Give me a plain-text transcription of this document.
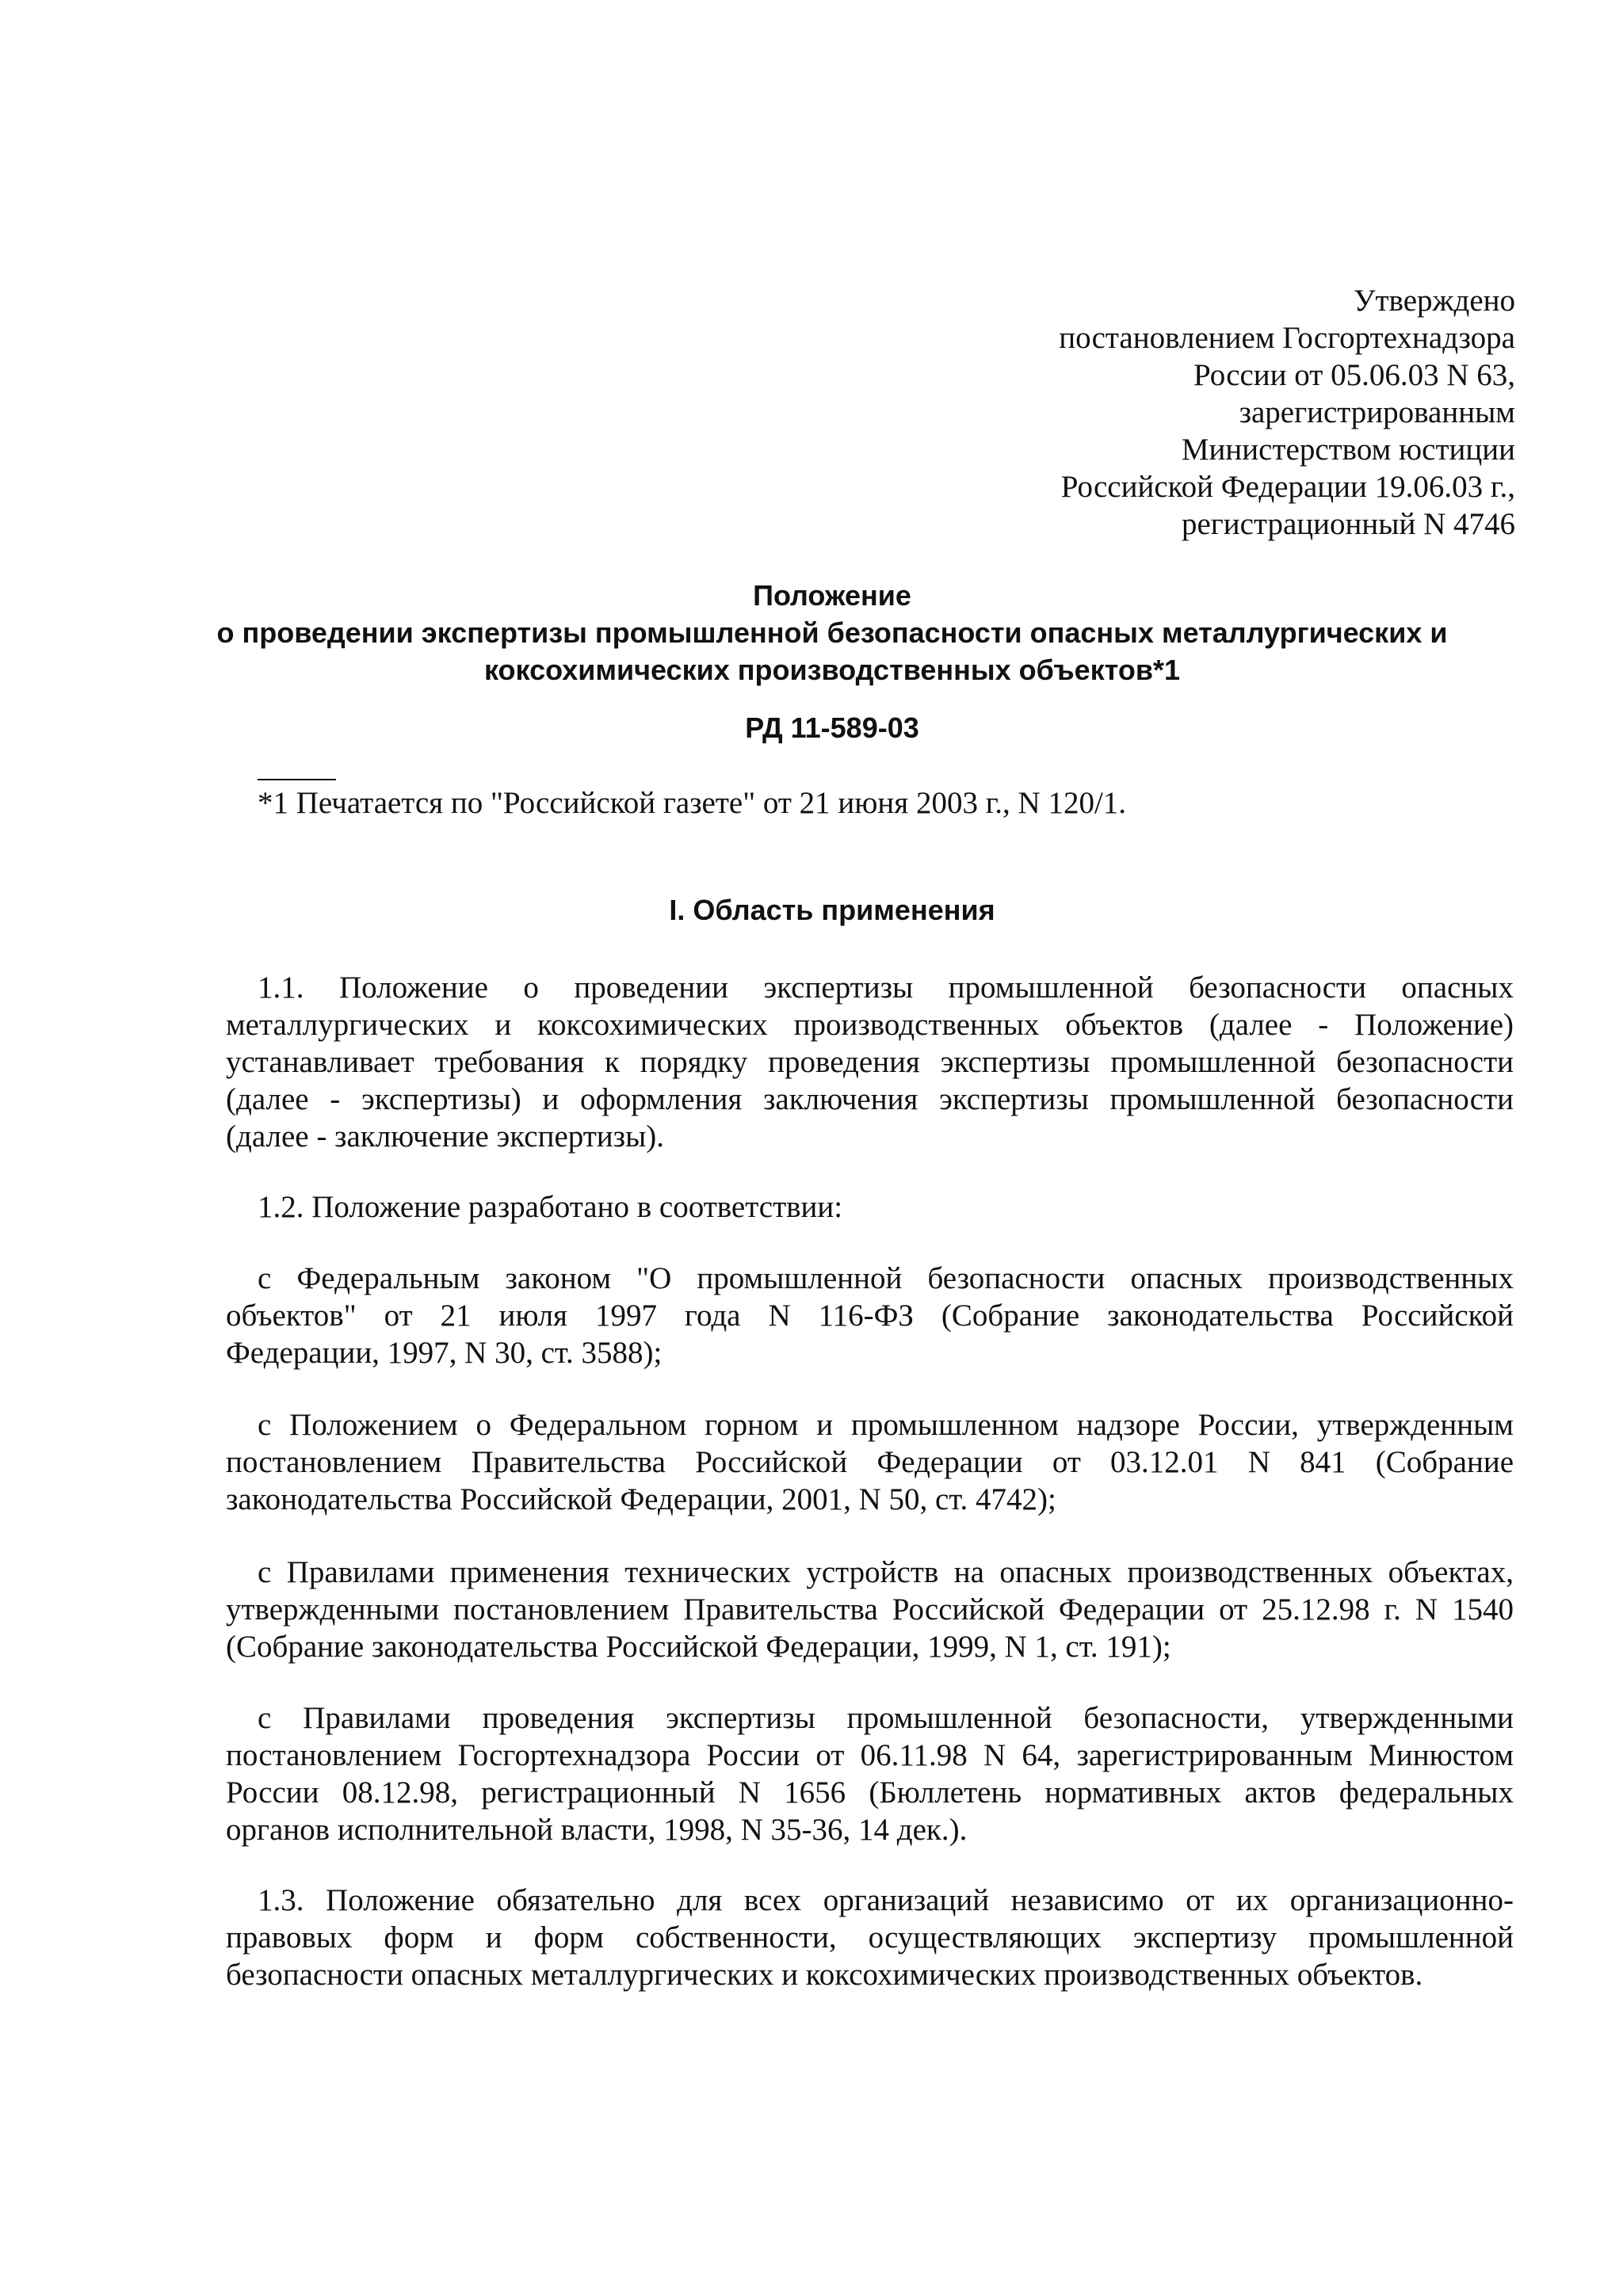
Утверждено
постановлением Госгортехнадзора
России от 05.06.03 N 63,
зарегистрированным
Министерством юстиции
Российской Федерации 19.06.03 г.,
регистрационный N 4746
Положение
о проведении экспертизы промышленной безопасности опасных металлургических и
коксохимических производственных объектов*1
РД 11-589-03
*1 Печатается по "Российской газете" от 21 июня 2003 г., N 120/1.
I. Область применения
1.1. Положение о проведении экспертизы промышленной безопасности опасных
металлургических и коксохимических производственных объектов (далее - Положение)
устанавливает требования к порядку проведения экспертизы промышленной безопасности
(далее - экспертизы) и оформления заключения экспертизы промышленной безопасности
(далее - заключение экспертизы).
1.2. Положение разработано в соответствии:
с Федеральным законом "О промышленной безопасности опасных производственных
объектов" от 21 июля 1997 года N 116-ФЗ (Собрание законодательства Российской
Федерации, 1997, N 30, ст. 3588);
с Положением о Федеральном горном и промышленном надзоре России, утвержденным
постановлением Правительства Российской Федерации от 03.12.01 N 841 (Собрание
законодательства Российской Федерации, 2001, N 50, ст. 4742);
с Правилами применения технических устройств на опасных производственных объектах,
утвержденными постановлением Правительства Российской Федерации от 25.12.98 г. N 1540
(Собрание законодательства Российской Федерации, 1999, N 1, ст. 191);
с Правилами проведения экспертизы промышленной безопасности, утвержденными
постановлением Госгортехнадзора России от 06.11.98 N 64, зарегистрированным Минюстом
России 08.12.98, регистрационный N 1656 (Бюллетень нормативных актов федеральных
органов исполнительной власти, 1998, N 35-36, 14 дек.).
1.3. Положение обязательно для всех организаций независимо от их организационно-
правовых форм и форм собственности, осуществляющих экспертизу промышленной
безопасности опасных металлургических и коксохимических производственных объектов.
